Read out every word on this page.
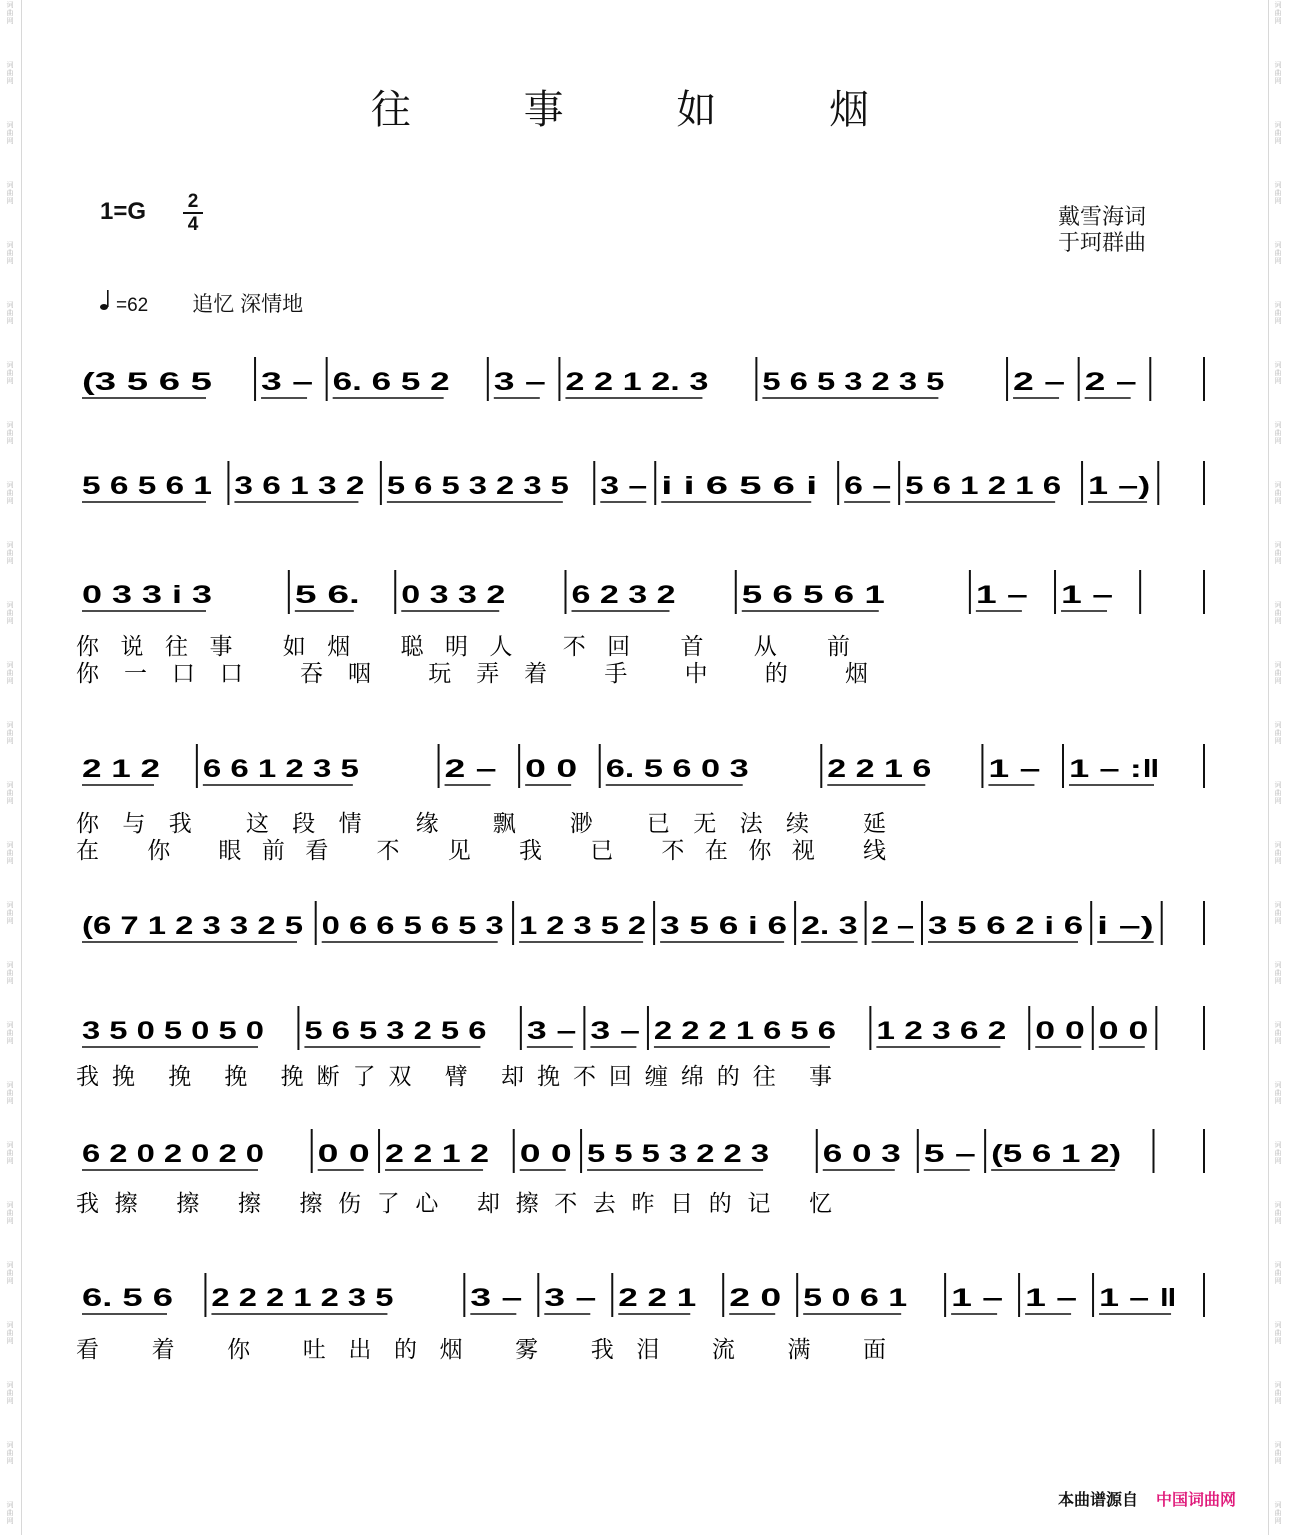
词
曲
网
词
曲
网
词
曲
网
词
曲
网
词
曲
网
词
曲
网
词
曲
网
词
曲
网
词
曲
网
词
曲
网
词
曲
网
词
曲
网
词
曲
网
词
曲
网
词
曲
网
词
曲
网
词
曲
网
词
曲
网
词
曲
网
词
曲
网
词
曲
网
词
曲
网
词
曲
网
词
曲
网
词
曲
网
词
曲
网
词
曲
网
词
曲
网
词
曲
网
词
曲
网
词
曲
网
词
曲
网
词
曲
网
词
曲
网
词
曲
网
词
曲
网
词
曲
网
词
曲
网
词
曲
网
词
曲
网
词
曲
网
词
曲
网
词
曲
网
词
曲
网
词
曲
网
词
曲
网
词
曲
网
词
曲
网
词
曲
网
词
曲
网
词
曲
网
词
曲
网
往 事 如 烟
1=G 2
4	戴雪海词
于珂群曲
=62 追忆 深情地
(3 5 6 5 3 – 6. 6 5 2 3 – 2 2 1 2. 3 5 6 5 3 2 3 5	2 – 2 –
5 6 5 6 1 3 6 1 3 2 5 6 5 3 2 3 5 3 – i i 6 5 6 i 6 – 5 6 1 2 1 6 1 –)
0 3 3 i 3	5 6. 0 3 3 2	6 2 3 2	5 6 5 6 1	1 – 1 –
你说往事 如烟 聪明人 不回 首 从 前
你一口口 吞咽 玩弄着 手 中 的 烟
2 1 2 6 6 1 2 3 5	2 – 0 0 6. 5 6 0 3	2 2 1 6 1 – 1 – :‖
你与我 这段情 缘 飘 渺 已无法续 延
在 你 眼前看 不 见 我 已 不在你视 线
(6 7 1 2 3 3 2 5 0 6 6 5 6 5 3 1 2 3 5 2 3 5 6 i 6 2. 3 2 – 3 5 6 2 i 6 i –)
3 5 0 5 0 5 0 5 6 5 3 2 5 6 3 – 3 – 2 2 2 1 6 5 6 1 2 3 6 2 0 0 0 0
我挽 挽 挽 挽断了双 臂 却挽不回缠绵的往 事
6 2 0 2 0 2 0 0 0 2 2 1 2 0 0 5 5 5 3 2 2 3 6 0 3 5 – (5 6 1 2)
我擦 擦 擦 擦伤了心 却擦不去昨日的记 忆
6. 5 6 2 2 2 1 2 3 5	3 – 3 – 2 2 1 2 0 5 0 6 1 1 – 1 – 1 – ‖
看 着 你 吐出的烟 雾 我泪 流 满 面
本曲谱源自 中国词曲网
